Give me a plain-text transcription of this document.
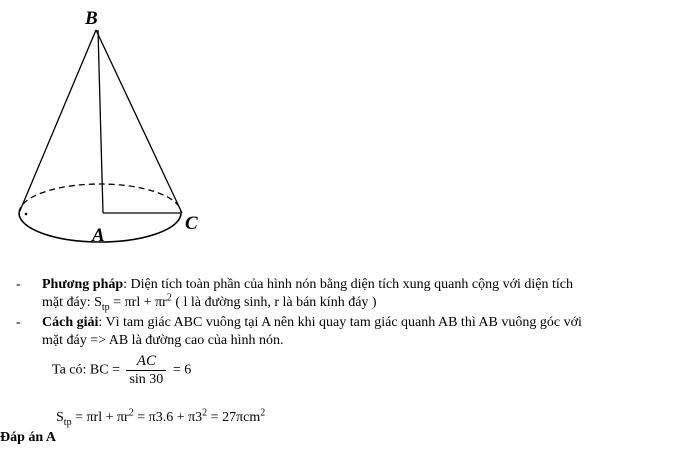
B
A
C
- Phương pháp: Diện tích toàn phần của hình nón bằng diện tích xung quanh cộng với diện tích
mặt đáy: $S_{tp} = \pi rl + \pi r^2$ ( l là đường sinh, r là bán kính đáy )
- Cách giải: Vì tam giác ABC vuông tại A nên khi quay tam giác quanh AB thì AB vuông góc với
mặt đáy => AB là đường cao của hình nón.
Ta có: BC = $\frac{AC}{\sin 30} = 6$
$S_{tp} = \pi rl + \pi r^2 = \pi 3.6 + \pi 3^2 = 27\pi cm^2$
Đáp án A
